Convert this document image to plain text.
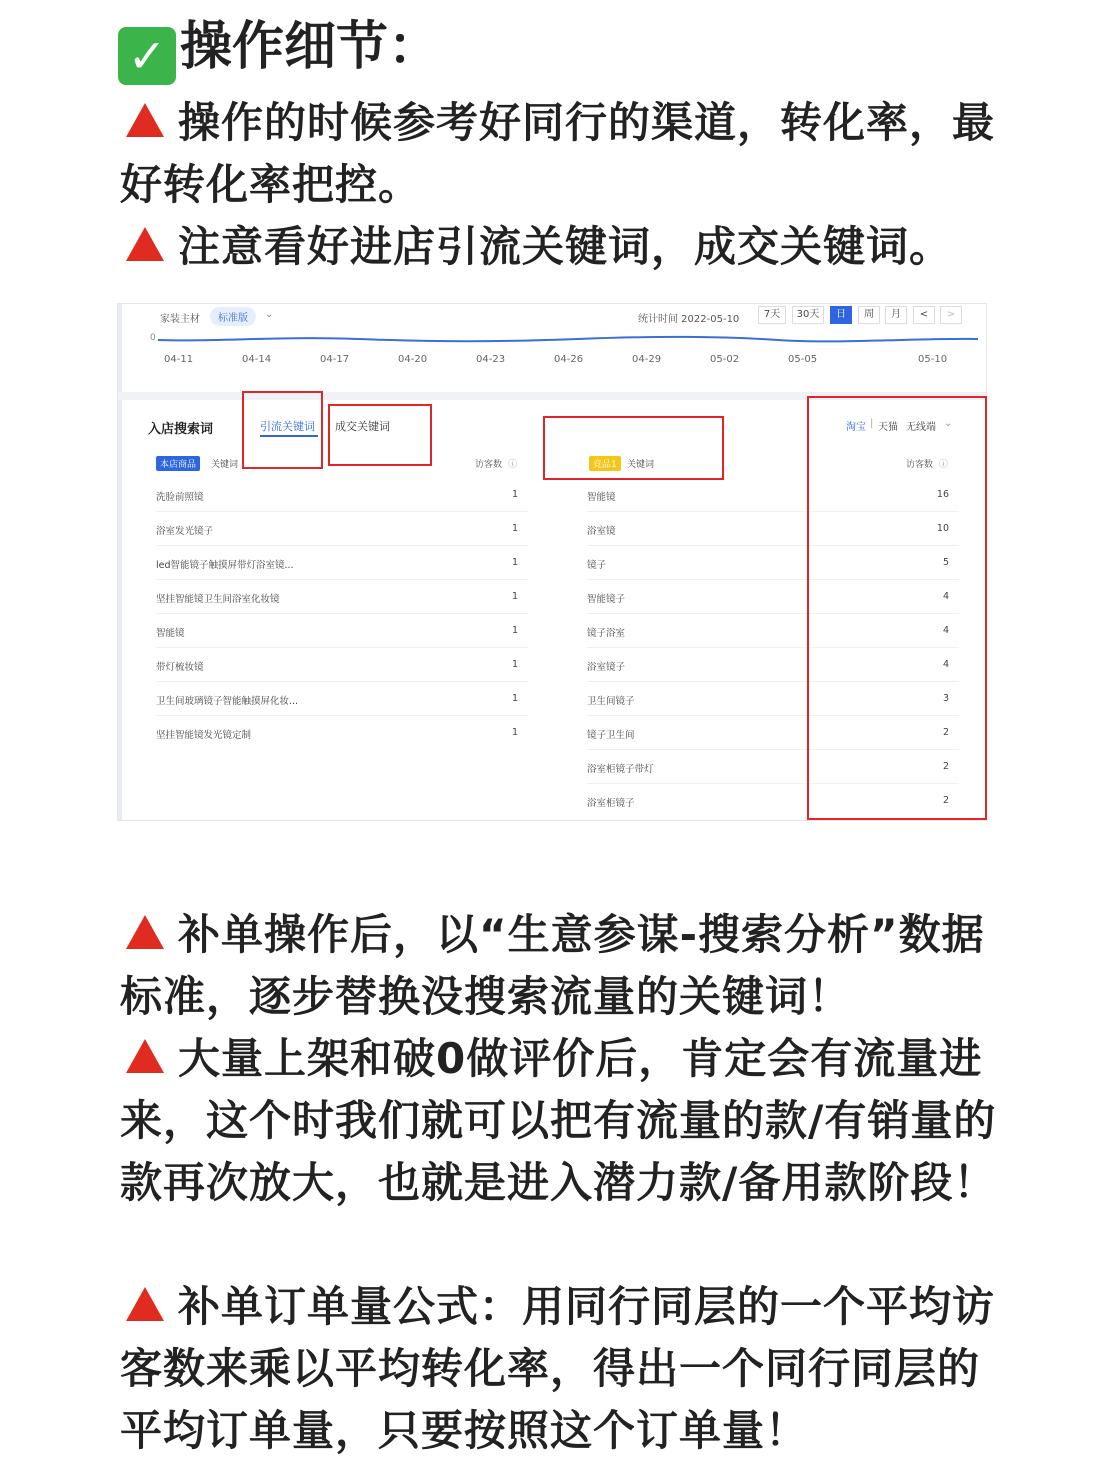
✓ 操作细节：

操作的时候参考好同行的渠道，转化率，最好转化率把控。

注意看好进店引流关键词，成交关键词。

家装主材	标准版	⌄	统计时间 2022-05-10	7天	30天	日	周	月	<	>
0
04-11	04-14	04-17	04-20	04-23	04-26	04-29	05-02	05-05	05-10
入店搜索词	引流关键词 成交关键词	淘宝 | 天猫 无线端 ⌄
本店商品	关键词	访客数 ⓘ
洗脸前照镜	1
浴室发光镜子	1
led智能镜子触摸屏带灯浴室镜...	1
坚挂智能镜卫生间浴室化妆镜	1
智能镜	1
带灯梳妆镜	1
卫生间玻璃镜子智能触摸屏化妆...	1
坚挂智能镜发光镜定制	1
竞品1	关键词	访客数 ⓘ
智能镜	16
浴室镜	10
镜子	5
智能镜子	4
镜子浴室	4
浴室镜子	4
卫生间镜子	3
镜子卫生间	2
浴室柜镜子带灯	2
浴室柜镜子	2

补单操作后，以“生意参谋-搜索分析”数据标准，逐步替换没搜索流量的关键词！

大量上架和破0做评价后，肯定会有流量进来，这个时我们就可以把有流量的款/有销量的款再次放大，也就是进入潜力款/备用款阶段！

补单订单量公式：用同行同层的一个平均访客数来乘以平均转化率，得出一个同行同层的平均订单量，只要按照这个订单量！
